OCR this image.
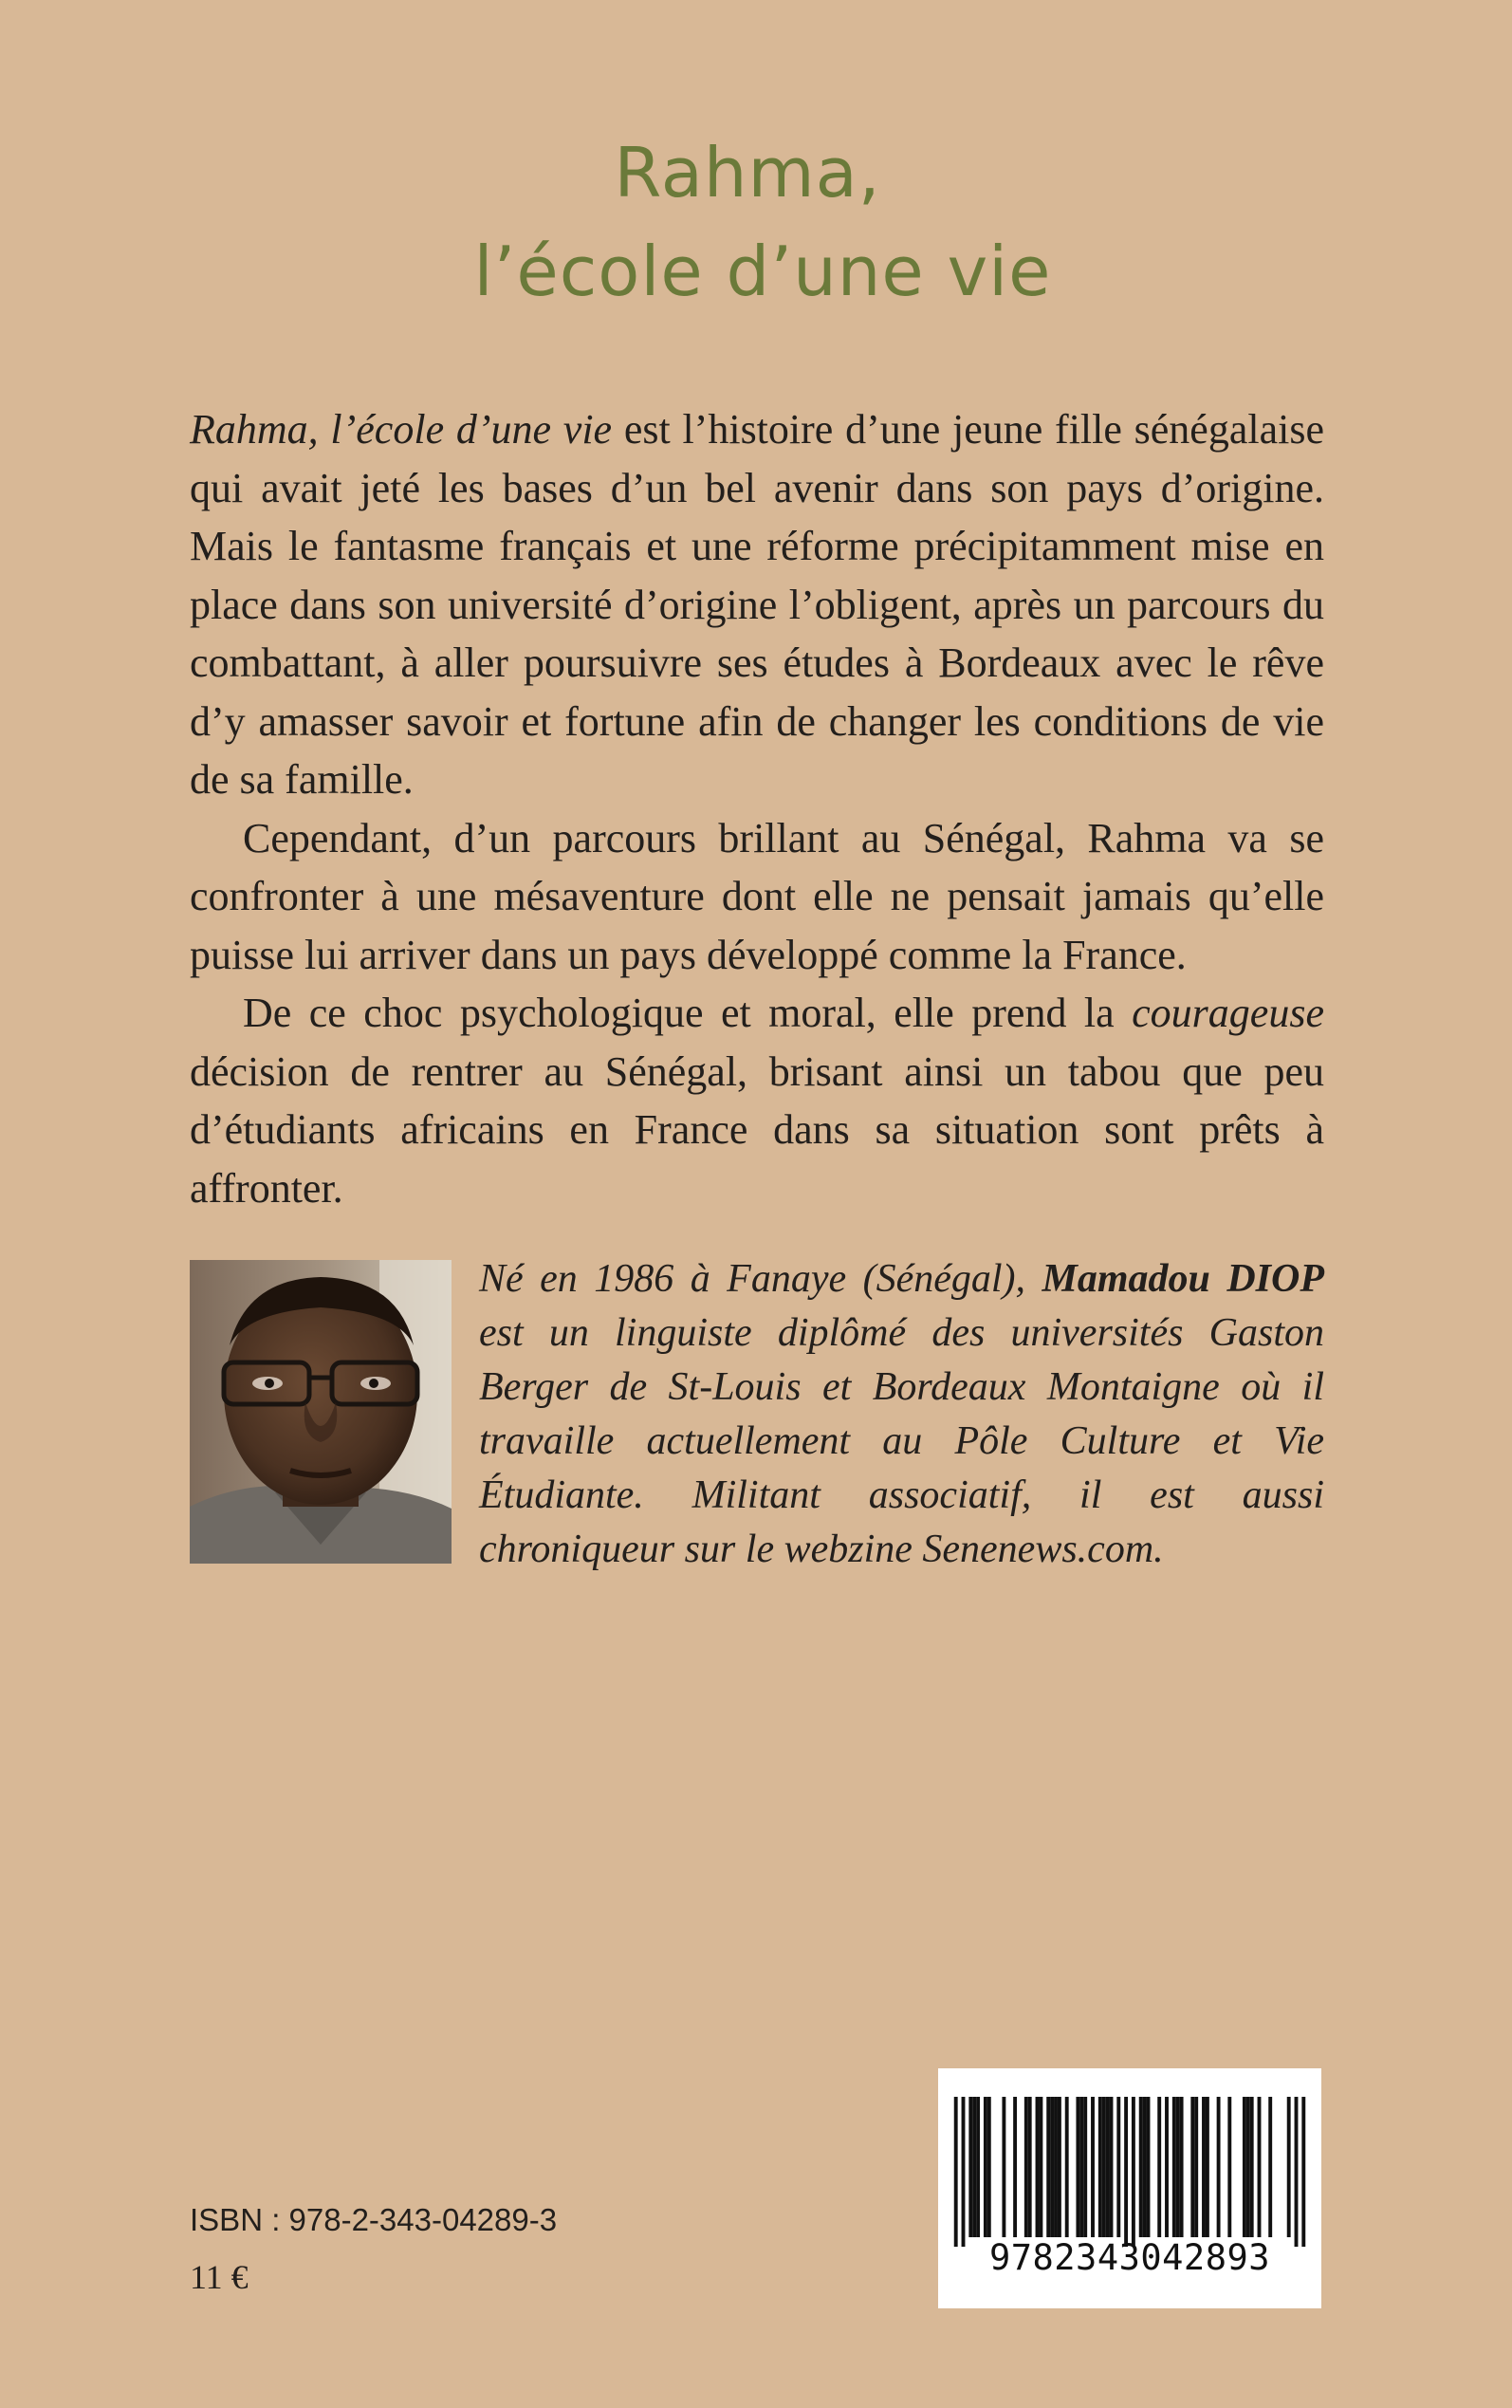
Rahma,
l’école d’une vie

Rahma, l’école d’une vie est l’histoire d’une jeune fille sénégalaise qui avait jeté les bases d’un bel avenir dans son pays d’origine. Mais le fantasme français et une réforme précipitamment mise en place dans son université d’origine l’obligent, après un parcours du combattant, à aller poursuivre ses études à Bordeaux avec le rêve d’y amasser savoir et fortune afin de changer les conditions de vie de sa famille.

Cependant, d’un parcours brillant au Sénégal, Rahma va se confronter à une mésaventure dont elle ne pensait jamais qu’elle puisse lui arriver dans un pays développé comme la France.

De ce choc psychologique et moral, elle prend la courageuse décision de rentrer au Sénégal, brisant ainsi un tabou que peu d’étudiants africains en France dans sa situation sont prêts à affronter.

Né en 1986 à Fanaye (Sénégal), Mamadou DIOP est un linguiste diplômé des universités Gaston Berger de St-Louis et Bordeaux Montaigne où il travaille actuellement au Pôle Culture et Vie Étudiante. Militant associatif, il est aussi chroniqueur sur le webzine Senenews.com.

ISBN : 978-2-343-04289-3
11 €	9782343042893
